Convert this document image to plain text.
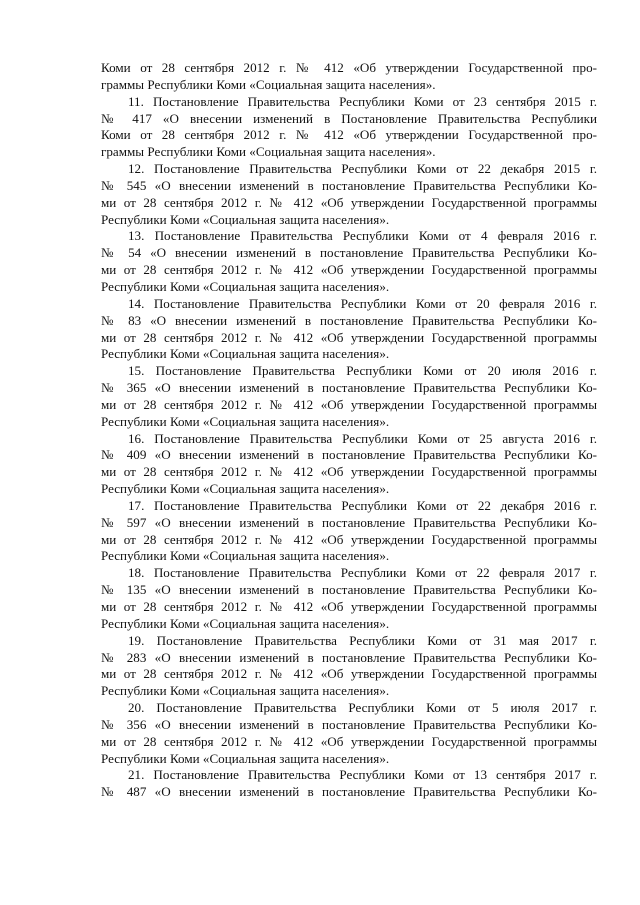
Коми от 28 сентября 2012 г. № 412 «Об утверждении Государственной про-
граммы Республики Коми «Социальная защита населения».
11. Постановление Правительства Республики Коми от 23 сентября 2015 г.
№ 417 «О внесении изменений в Постановление Правительства Республики
Коми от 28 сентября 2012 г. № 412 «Об утверждении Государственной про-
граммы Республики Коми «Социальная защита населения».
12. Постановление Правительства Республики Коми от 22 декабря 2015 г.
№ 545 «О внесении изменений в постановление Правительства Республики Ко-
ми от 28 сентября 2012 г. № 412 «Об утверждении Государственной программы
Республики Коми «Социальная защита населения».
13. Постановление Правительства Республики Коми от 4 февраля 2016 г.
№ 54 «О внесении изменений в постановление Правительства Республики Ко-
ми от 28 сентября 2012 г. № 412 «Об утверждении Государственной программы
Республики Коми «Социальная защита населения».
14. Постановление Правительства Республики Коми от 20 февраля 2016 г.
№ 83 «О внесении изменений в постановление Правительства Республики Ко-
ми от 28 сентября 2012 г. № 412 «Об утверждении Государственной программы
Республики Коми «Социальная защита населения».
15. Постановление Правительства Республики Коми от 20 июля 2016 г.
№ 365 «О внесении изменений в постановление Правительства Республики Ко-
ми от 28 сентября 2012 г. № 412 «Об утверждении Государственной программы
Республики Коми «Социальная защита населения».
16. Постановление Правительства Республики Коми от 25 августа 2016 г.
№ 409 «О внесении изменений в постановление Правительства Республики Ко-
ми от 28 сентября 2012 г. № 412 «Об утверждении Государственной программы
Республики Коми «Социальная защита населения».
17. Постановление Правительства Республики Коми от 22 декабря 2016 г.
№ 597 «О внесении изменений в постановление Правительства Республики Ко-
ми от 28 сентября 2012 г. № 412 «Об утверждении Государственной программы
Республики Коми «Социальная защита населения».
18. Постановление Правительства Республики Коми от 22 февраля 2017 г.
№ 135 «О внесении изменений в постановление Правительства Республики Ко-
ми от 28 сентября 2012 г. № 412 «Об утверждении Государственной программы
Республики Коми «Социальная защита населения».
19. Постановление Правительства Республики Коми от 31 мая 2017 г.
№ 283 «О внесении изменений в постановление Правительства Республики Ко-
ми от 28 сентября 2012 г. № 412 «Об утверждении Государственной программы
Республики Коми «Социальная защита населения».
20. Постановление Правительства Республики Коми от 5 июля 2017 г.
№ 356 «О внесении изменений в постановление Правительства Республики Ко-
ми от 28 сентября 2012 г. № 412 «Об утверждении Государственной программы
Республики Коми «Социальная защита населения».
21. Постановление Правительства Республики Коми от 13 сентября 2017 г.
№ 487 «О внесении изменений в постановление Правительства Республики Ко-
